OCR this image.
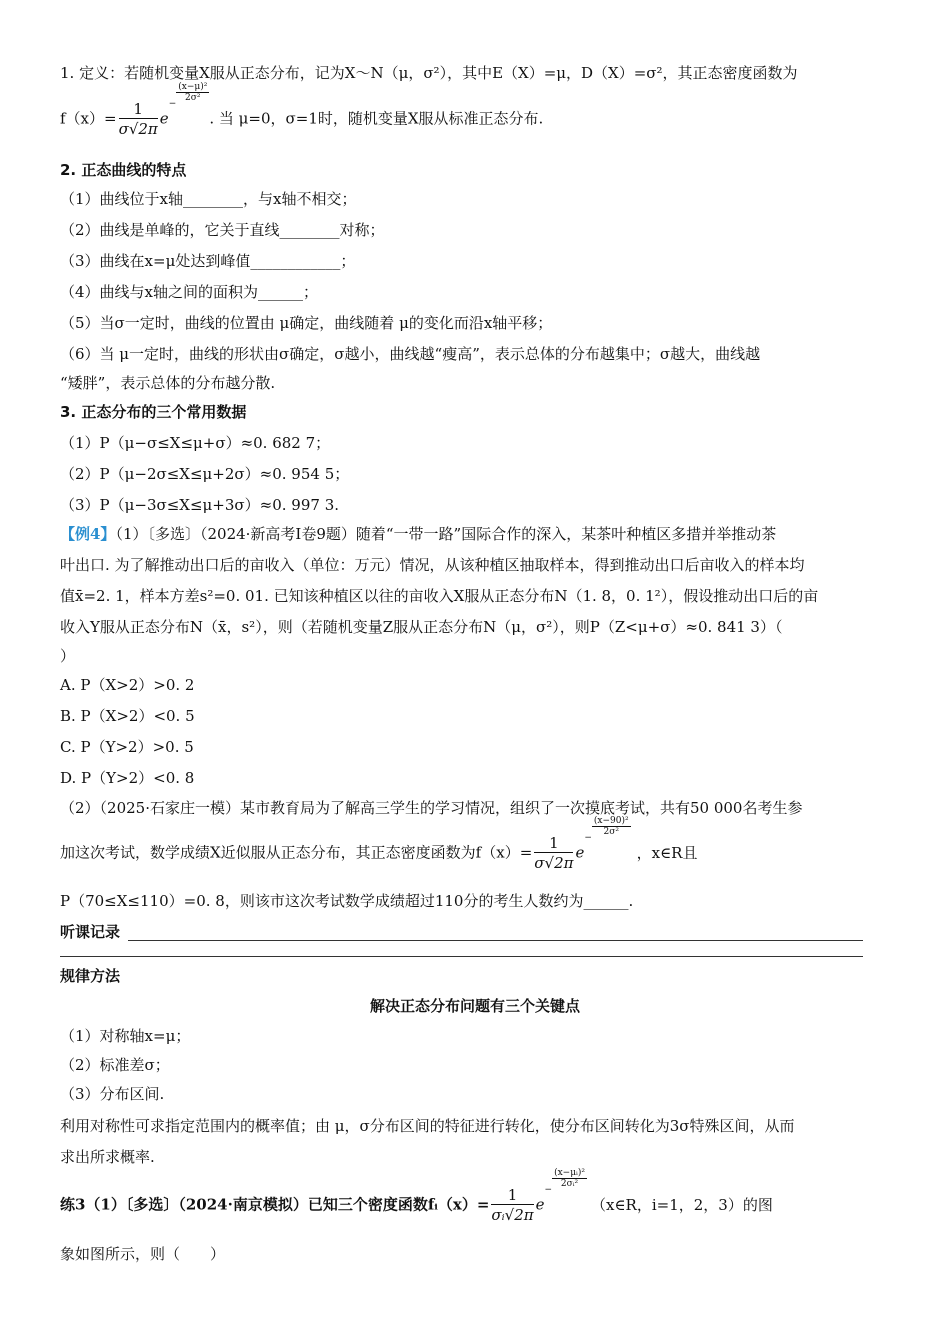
1. 定义：若随机变量X服从正态分布，记为X～N（μ，σ²），其中E（X）=μ，D（X）=σ²，其正态密度函数为
$f(x)= \frac{1}{\sigma√2\pi} e^-$
$\frac{\text{(x−μ)²}}{\text{2σ²}}$
. 当 μ=0，σ=1时，随机变量X服从标准正态分布.
2. 正态曲线的特点
（1）曲线位于x轴________，与x轴不相交；
（2）曲线是单峰的，它关于直线________对称；
（3）曲线在x=μ处达到峰值____________；
（4）曲线与x轴之间的面积为______；
（5）当σ一定时，曲线的位置由 μ确定，曲线随着 μ的变化而沿x轴平移；
（6）当 μ一定时，曲线的形状由σ确定，σ越小，曲线越“瘦高”，表示总体的分布越集中；σ越大，曲线越
“矮胖”，表示总体的分布越分散.
3. 正态分布的三个常用数据
（1）P（μ−σ≤X≤μ+σ）≈0. 682 7；
（2）P（μ−2σ≤X≤μ+2σ）≈0. 954 5；
（3）P（μ−3σ≤X≤μ+3σ）≈0. 997 3.
【例4】（1）〔多选〕（2024·新高考Ⅰ卷9题）随着“一带一路”国际合作的深入，某茶叶种植区多措并举推动茶
叶出口. 为了解推动出口后的亩收入（单位：万元）情况，从该种植区抽取样本，得到推动出口后亩收入的样本均
值x̄=2. 1，样本方差s²=0. 01. 已知该种植区以往的亩收入X服从正态分布N（1. 8，0. 1²），假设推动出口后的亩
收入Y服从正态分布N（x̄，s²），则（若随机变量Z服从正态分布N（μ，σ²），则P（Z<μ+σ）≈0. 841 3）（
）
A. P（X>2）>0. 2
B. P（X>2）<0. 5
C. P（Y>2）>0. 5
D. P（Y>2）<0. 8
（2）（2025·石家庄一模）某市教育局为了解高三学生的学习情况，组织了一次摸底考试，共有50 000名考生参
加这次考试，数学成绩X近似服从正态分布，其正态密度函数为$f(x)= \frac{1}{\sigma√2\pi} e^-$
$\frac{\text{(x−90)²}}{\text{2σ²}}$
，x∈R且
P（70≤X≤110）=0. 8，则该市这次考试数学成绩超过110分的考生人数约为______.
听课记录
规律方法
解决正态分布问题有三个关键点
（1）对称轴x=μ；
（2）标准差σ；
（3）分布区间.
利用对称性可求指定范围内的概率值；由 μ，σ分布区间的特征进行转化，使分布区间转化为3σ特殊区间，从而
求出所求概率.
练3（1）〔多选〕（2024·南京模拟）已知三个密度函数fᵢ（x）= $\frac{1}{\text{σᵢ√2π}} e^-$
$\frac{\text{(x−μᵢ)²}}{\text{2σᵢ²}}$
（x∈R，i=1，2，3）的图
象如图所示，则（　　）
